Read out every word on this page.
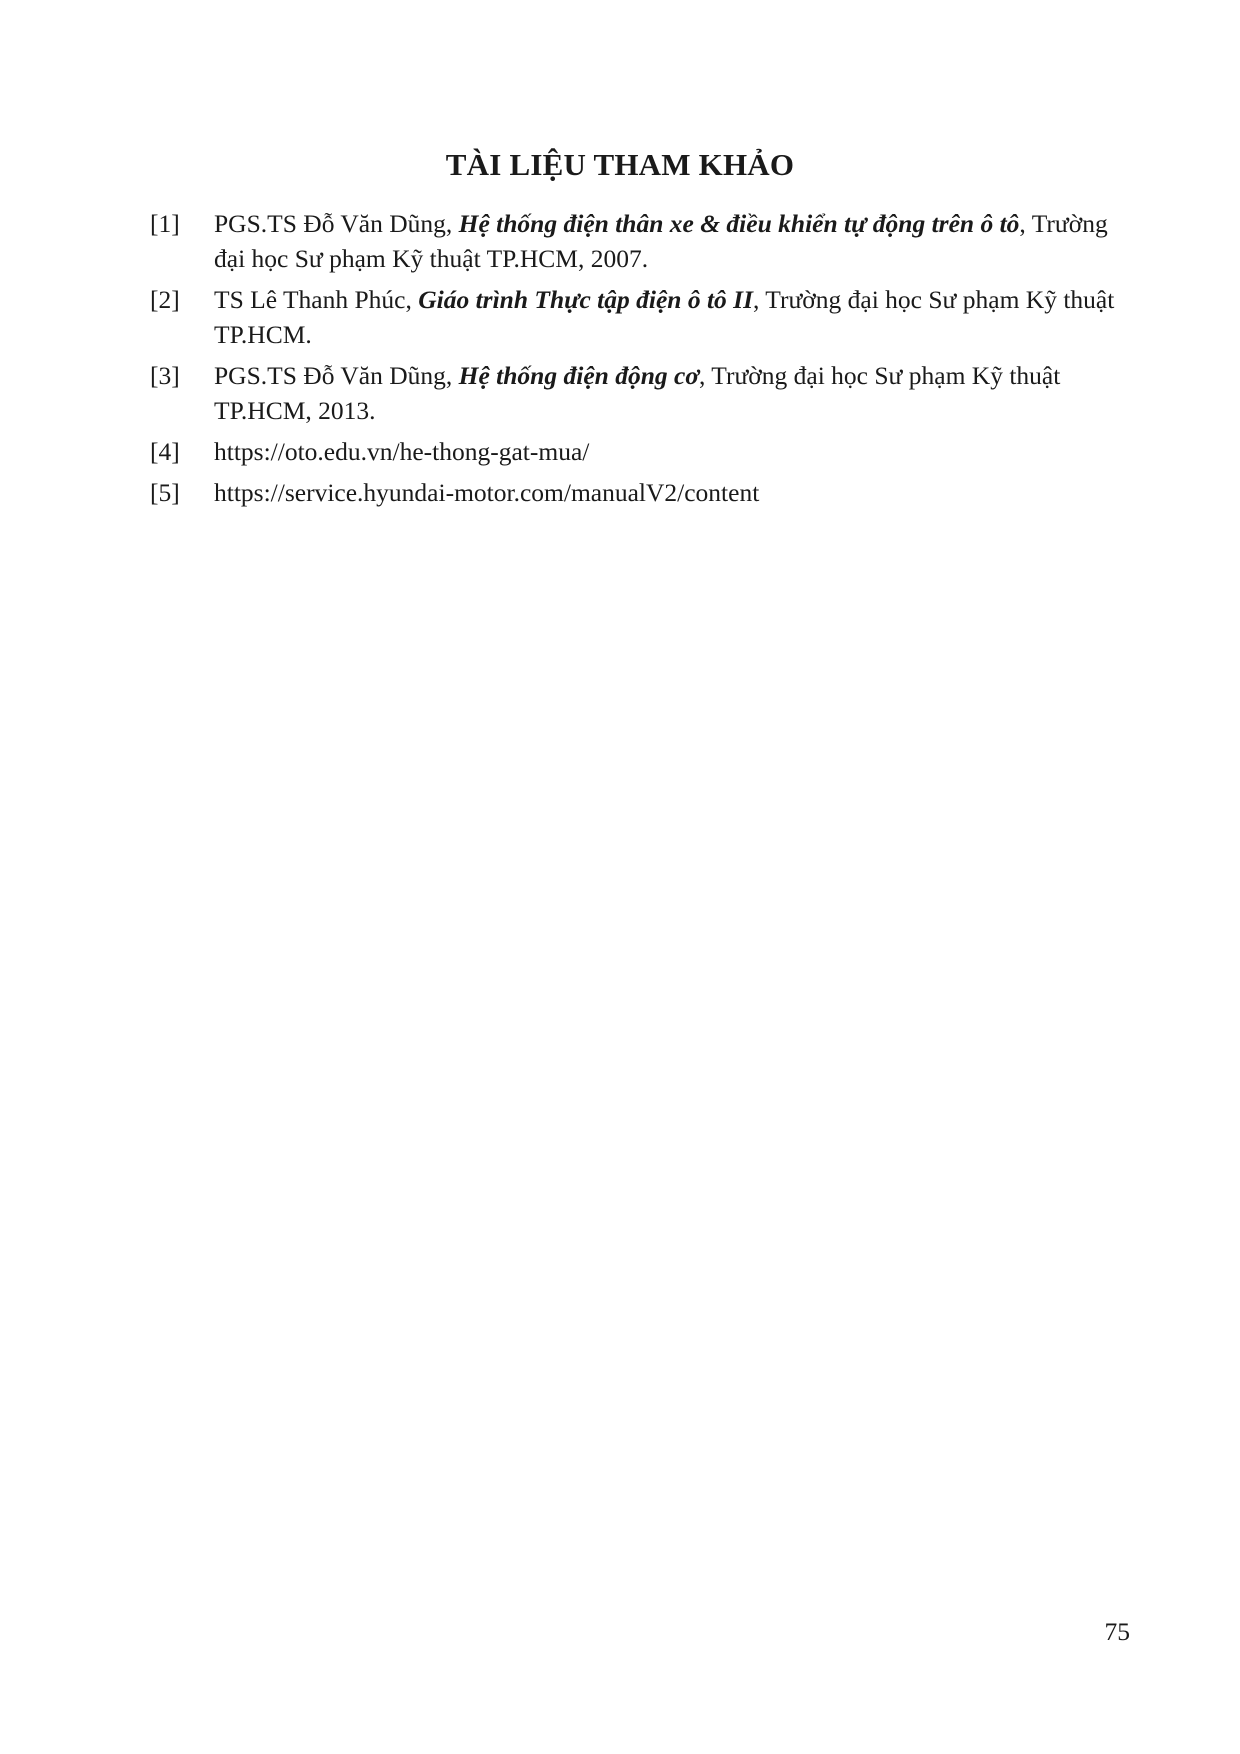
TÀI LIỆU THAM KHẢO
[1]	PGS.TS Đỗ Văn Dũng, Hệ thống điện thân xe & điều khiển tự động trên ô tô, Trường đại học Sư phạm Kỹ thuật TP.HCM, 2007.
[2]	TS Lê Thanh Phúc, Giáo trình Thực tập điện ô tô II, Trường đại học Sư phạm Kỹ thuật TP.HCM.
[3]	PGS.TS Đỗ Văn Dũng, Hệ thống điện động cơ, Trường đại học Sư phạm Kỹ thuật TP.HCM, 2013.
[4]	https://oto.edu.vn/he-thong-gat-mua/
[5]	https://service.hyundai-motor.com/manualV2/content
75
